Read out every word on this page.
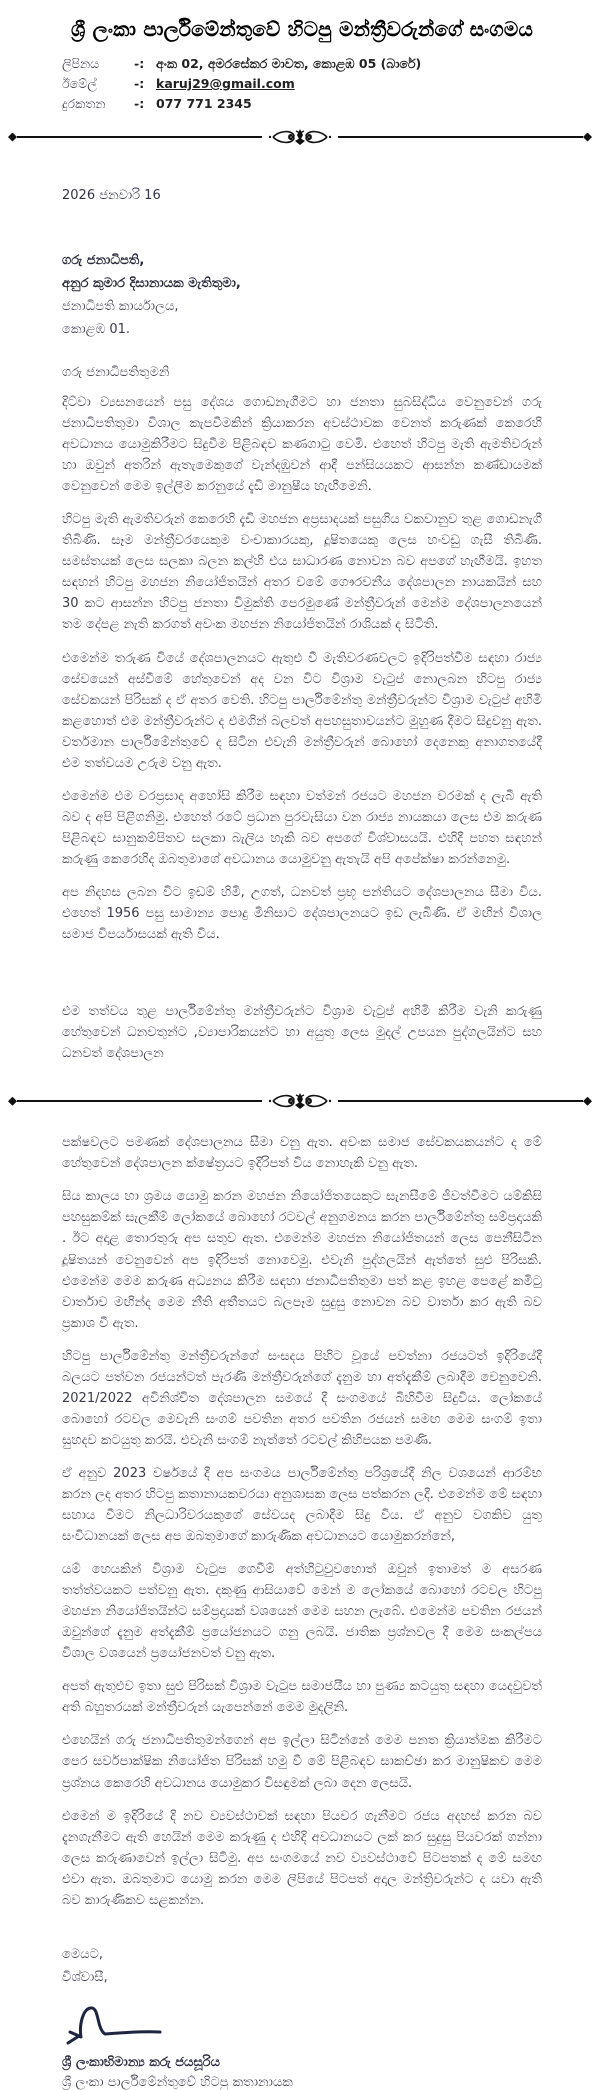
ශ්‍රී ලංකා පාර්ලිමේන්තුවේ හිටපු මන්ත්‍රීවරුන්ගේ සංගමය
ලිපිනය	-: අංක 02, අමරසේකර මාවත, කොළඹ 05 (බාරේ)
ඊමේල්	-: karuj29@gmail.com
දුරකතන	-: 077 771 2345
2026 ජනවාරි 16
ගරු ජනාධිපති,
අනුර කුමාර දිසානායක මැතිතුමා,
ජනාධිපති කාර්යාලය,
කොළඹ 01.
ගරු ජනාධිපතිතුමනි

දිට්වා ව්‍යසනයෙන් පසු දේශය ගොඩනැගීමට හා ජනතා සුබසිද්ධිය වෙනුවෙන් ගරු ජනාධිපතිතුමා විශාල කැපවීමකින් ක්‍රියාකරන අවස්ථාවක වෙනත් කරුණක් කෙරෙහි අවධානය යොමුකිරීමට සිදුවීම පිළිබඳව කණගාටු වෙමි. එහෙත් හිටපු මැති ඇමතිවරුන් හා ඔවුන් අතරින් ඇතැමෙකුගේ වැන්දඹුවන් ආදී පන්සියයකට ආසන්න කණ්ඩායමක් වෙනුවෙන් මෙම ඉල්ලීම කරනුයේ දැඩි මානුෂීය හැඟීමෙනි.

හිටපු මැති ඇමතිවරුන් කෙරෙහි දැඩි මහජන අප්‍රසාදයක් පසුගිය වකවානුව තුළ ගොඩනැගී තිබිණි. සෑම මන්ත්‍රීවරයෙකුම වංචාකාරයකු, දූෂිතයෙකු ලෙස හංවඩු ගැසී තිබිණි. සමස්තයක් ලෙස සලකා බලන කල්හි එය සාධාරණ නොවන බව අපගේ හැඟීමයි. ඉහත සඳහන් හිටපු මහජන නියෝජිතයින් අතර වමේ ගෞරවනීය දේශපාලන නායකයින් සහ 30 කට ආසන්න හිටපු ජනතා විමුක්ති පෙරමුණේ මන්ත්‍රීවරුන් මෙන්ම දේශපාලනයෙන් තම දේපළ නැති කරගත් අවංක මහජන නියෝජිතයින් රාශියක් ද සිටිති.

එමෙන්ම තරුණ වියේ දේශපාලනයට ඇතුළු වී මැතිවරණවලට ඉදිරිපත්වීම සඳහා රාජ්‍ය සේවයෙන් අස්වීමේ හේතුවෙන් අද වන විට විශ්‍රාම වැටුප් නොලබන හිටපු රාජ්‍ය සේවකයන් පිරිසක් ද ඒ අතර වෙති. හිටපු පාර්ලිමේන්තු මන්ත්‍රීවරුන්ට විශ්‍රාම වැටුප් අහිමි කළහොත් එම මන්ත්‍රීවරුන්ට ද එමගින් බලවත් අපහසුතාවයන්ට මුහුණ දීමට සිදුවනු ඇත. වර්තමාන පාර්ලිමේන්තුවේ ද සිටින එවැනි මන්ත්‍රීවරුන් බොහෝ දෙනෙකු අනාගතයේදී එම තත්වයම උරුම වනු ඇත.

එමෙන්ම එම වරප්‍රසාද අහෝසි කිරීම සඳහා වත්මන් රජයට මහජන වරමක් ද ලැබී ඇති බව ද අපි පිළිගනිමු. එහෙත් රටේ ප්‍රධාන පුරවැසියා වන රාජ්‍ය නායකයා ලෙස එම කරුණ පිළිබඳව සානුකම්පිතව සලකා බැලිය හැකි බව අපගේ විශ්වාසයයි. එහිදී පහත සඳහන් කරුණු කෙරෙහිද ඔබතුමාගේ අවධානය යොමුවනු ඇතැයි අපි අපේක්ෂා කරන්නෙමු.

අප නිදහස ලබන විට ඉඩම් හිමි, උගත්, ධනවත් ප්‍රභූ පන්තියට දේශපාලනය සීමා විය. එහෙත් 1956 පසු සාමාන්‍ය පොදු මිනිසාට දේශපාලනයට ඉඩ ලැබිණි. ඒ මඟින් විශාල සමාජ විපර්යාසයක් ඇති විය.

එම තත්වය තුළ පාර්ලිමේන්තු මන්ත්‍රීවරුන්ට විශ්‍රාම වැටුප් අහිමි කිරීම වැනි කරුණු හේතුවෙන් ධනවතුන්ට ,ව්‍යාපාරිකයන්ට හා අයුතු ලෙස මුදල් උපයන පුද්ගලයින්ට සහ ධනවත් දේශපාලන

පක්ෂවලට පමණක් දේශපාලනය සීමා වනු ඇත. අවංක සමාජ සේවකයකයන්ට ද මේ හේතුවෙන් දේශපාලන ක්ෂේත්‍රයට ඉදිරිපත් විය නොහැකි වනු ඇත.

සිය කාලය හා ශ්‍රමය යොමු කරන මහජන නියෝජිතයෙකුට සැනසීමේ ජීවත්වීමට යම්කිසි පහසුකම්ක් සැලකීම් ලෝකයේ බොහෝ රටවල් අනුගමනය කරන පාර්ලිමේන්තු සම්ප්‍රදායකි . ඊට අදාළ තොරතුරු අප සතුව ඇත. එමෙන්ම මහජන නියෝජිතයන් ලෙස පෙනීසිටින දූෂිතයන් වෙනුවෙන් අප ඉදිරිපත් නොවෙමු. එවැනි පුද්ගලයින් ඇත්තේ සුළු පිරිසකි. එමෙන්ම මෙම කරුණ අධ්‍යනය කිරීම සඳහා ජනාධිපතිතුමා පත් කළ ඉහළ පෙළේ කමිටු වාර්තාව මඟින්ද මෙම නීති අතීතයට බලපෑම සුදුසු නොවන බව වාර්තා කර ඇති බව ප්‍රකාශ වී ඇත.

හිටපු පාර්ලිමේන්තු මන්ත්‍රීවරුන්ගේ සංසදය පිහිට වූයේ පවත්නා රජයටත් ඉදිරියේදී බලයට පත්වන රජයන්ටත් පැරණි මන්ත්‍රීවරුන්ගේ දැනුම හා අත්දැකීම් ලබාදීම වෙනුවෙනි. 2021/2022 අවිනිශ්චිත දේශපාලන සමයේ දී සංගමයේ බිහිවීම සිදුවිය. ලෝකයේ බොහෝ රටවල මෙවැනි සංගම් පවතින අතර පවතින රජයන් සමඟ මෙම සංගම් ඉතා සුහදව කටයුතු කරයි. එවැනි සංගම් නැත්තේ රටවල් කිහිපයක පමණි.

ඒ අනුව 2023 වර්ෂයේ දී අප සංගමය පාර්ලිමේන්තු පරිශ්‍රයේදී නිල වශයෙන් ආරම්භ කරන ලද අතර හිටපු කතානායකවරයා අනුශාසක ලෙස පත්කරන ලදී. එමෙන්ම මේ සඳහා සහාය වීමට නිලධාරිවරයකුගේ සේවයද ලබාදීම සිදු විය. ඒ අනුව වගකිව යුතු සංවිධානයක් ලෙස අප ඔබතුමාගේ කාරුණික අවධානයට යොමුකරන්නේ,

යම් හෙයකින් විශ්‍රාම වැටුප ගෙවීම් අත්හිටුවුවහොත් ඔවුන් ඉතාමත් ම අසරණ තත්ත්වයකට පත්වනු ඇත. දකුණු ආසියාවේ මෙන් ම ලෝකයේ බොහෝ රටවල හිටපු මහජන නියෝජිතයින්ට සම්ප්‍රදායක් වශයෙන් මෙම සහන ලැබේ. එමෙන්ම පවතින රජයන් ඔවුන්ගේ දැනුම අත්දැකීම් ප්‍රයෝජනයට ගනු ලබයි. ජාතික ප්‍රශ්නවල දී මෙම සංකල්පය විශාල වශයෙන් ප්‍රයෝජනවත් වනු ඇත.

අපත් ඇතුළුව ඉතා සුළු පිරිසක් විශ්‍රාම වැටුප සමාජයීය හා පුණ්‍ය කටයුතු සඳහා යෙදවුවත් අති බහුතරයක් මන්ත්‍රීවරුන් යැපෙන්නේ මෙම මුදලිනි.

එහෙයින් ගරු ජනාධිපතිතුමන්ගෙන් අප ඉල්ලා සිටින්නේ මෙම පනත ක්‍රියාත්මක කිරීමට පෙර සර්වපාක්ෂික නියෝජිත පිරිසක් හමු වී මේ පිළිබඳව සාකච්ඡා කර මානුෂිකව මෙම ප්‍රශ්නය කෙරෙහි අවධානය යොමුකර විසඳුමක් ලබා දෙන ලෙසයි.

එමෙන් ම ඉදිරියේ දි නව ව්‍යවස්ථාවක් සඳහා පියවර ගැනීමට රජය අදහස් කරන බව දැනගැනීමට ඇති හෙයින් මෙම කරුණු ද එහිදි අවධානයට ලක් කර සුදුසු පියවරක් ගන්නා ලෙස කරුණාවෙන් ඉල්ලා සිටිමු. අප සංගමයේ නව ව්‍යවස්ථාවේ පිටපතක් ද මේ සමඟ එවා ඇත. ඔබතුමාට යොමු කරන මෙම ලිපියේ පිටපත් අදාල මන්ත්‍රිවරුන්ට ද යවා ඇති බව කාරුණිකව සළකන්න.

මෙයට,
විශ්වාසී,
ශ්‍රී ලංකාභිමාන්‍ය කරු ජයසූරිය
ශ්‍රී ලංකා පාර්ලිමේන්තුවේ හිටපු කතානායක
